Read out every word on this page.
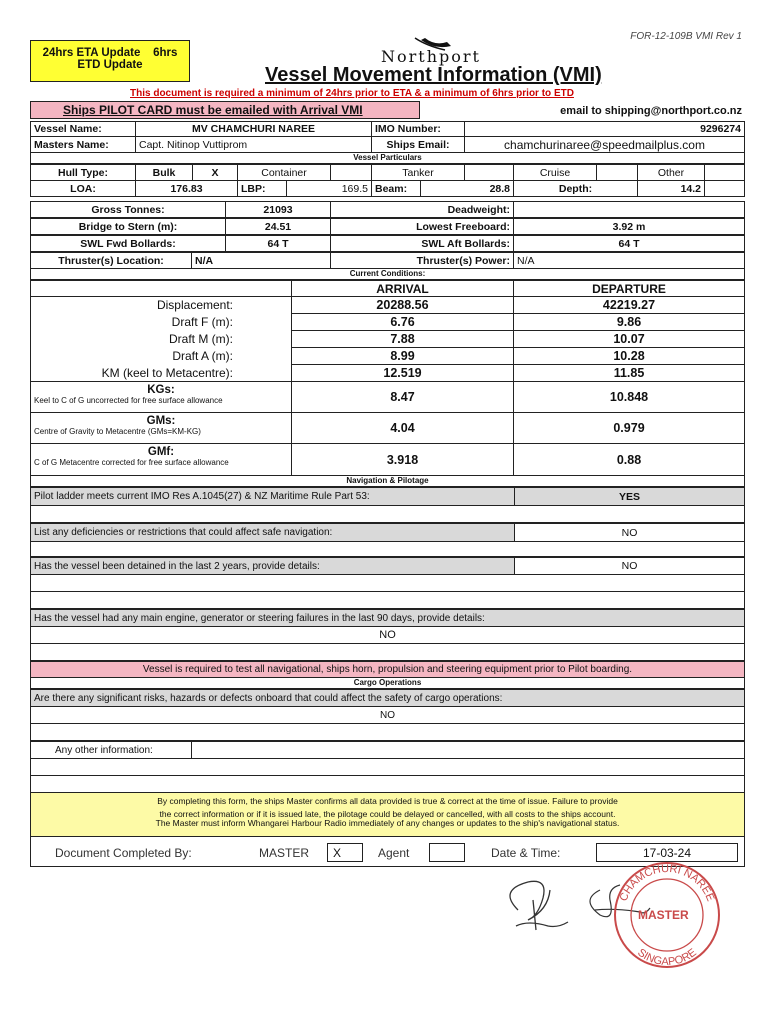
FOR-12-109B VMI Rev 1
24hrs ETA Update 6hrs
ETD Update	Northport
Vessel Movement Information (VMI)
This document is required a minimum of 24hrs prior to ETA & a minimum of 6hrs prior to ETD
Ships PILOT CARD must be emailed with Arrival VMI	email to shipping@northport.co.nz
Vessel Name:	MV CHAMCHURI NAREE	IMO Number:	9296274
Masters Name:	Capt. Nitinop Vuttiprom	Ships Email:	chamchurinaree@speedmailplus.com
Vessel Particulars
Hull Type:	Bulk	X	Container	Tanker	Cruise	Other
LOA:	176.83	LBP:	169.5 Beam:	28.8	Depth:	14.2
Gross Tonnes:	21093	Deadweight:
Bridge to Stern (m):	24.51	Lowest Freeboard:	3.92 m
SWL Fwd Bollards:	64 T	SWL Aft Bollards:	64 T
Thruster(s) Location:	N/A	Thruster(s) Power: N/A
Current Conditions:
ARRIVAL	DEPARTURE
Displacement:	20288.56	42219.27
Draft F (m):	6.76	9.86
Draft M (m):	7.88	10.07
Draft A (m):	8.99	10.28
KM (keel to Metacentre):	12.519	11.85
KGs:
Keel to C of G uncorrected for free surface allowance	8.47	10.848
GMs:
Centre of Gravity to Metacentre (GMs=KM-KG)	4.04	0.979
GMf:
C of G Metacentre corrected for free surface allowance	3.918	0.88
Navigation & Pilotage
Pilot ladder meets current IMO Res A.1045(27) & NZ Maritime Rule Part 53:	YES
List any deficiencies or restrictions that could affect safe navigation:	NO
Has the vessel been detained in the last 2 years, provide details:	NO
Has the vessel had any main engine, generator or steering failures in the last 90 days, provide details:
NO
Vessel is required to test all navigational, ships horn, propulsion and steering equipment prior to Pilot boarding.
Cargo Operations
Are there any significant risks, hazards or defects onboard that could affect the safety of cargo operations:
NO
Any other information:
By completing this form, the ships Master confirms all data provided is true & correct at the time of issue. Failure to provide
the correct information or if it is issued late, the pilotage could be delayed or cancelled, with all costs to the ships account.
The Master must inform Whangarei Harbour Radio immediately of any changes or updates to the ship's navigational status.
Document Completed By:	MASTER	X	Agent	Date & Time:	17-03-24
CHAMCHURI NAREE
SINGAPORE
MASTER
